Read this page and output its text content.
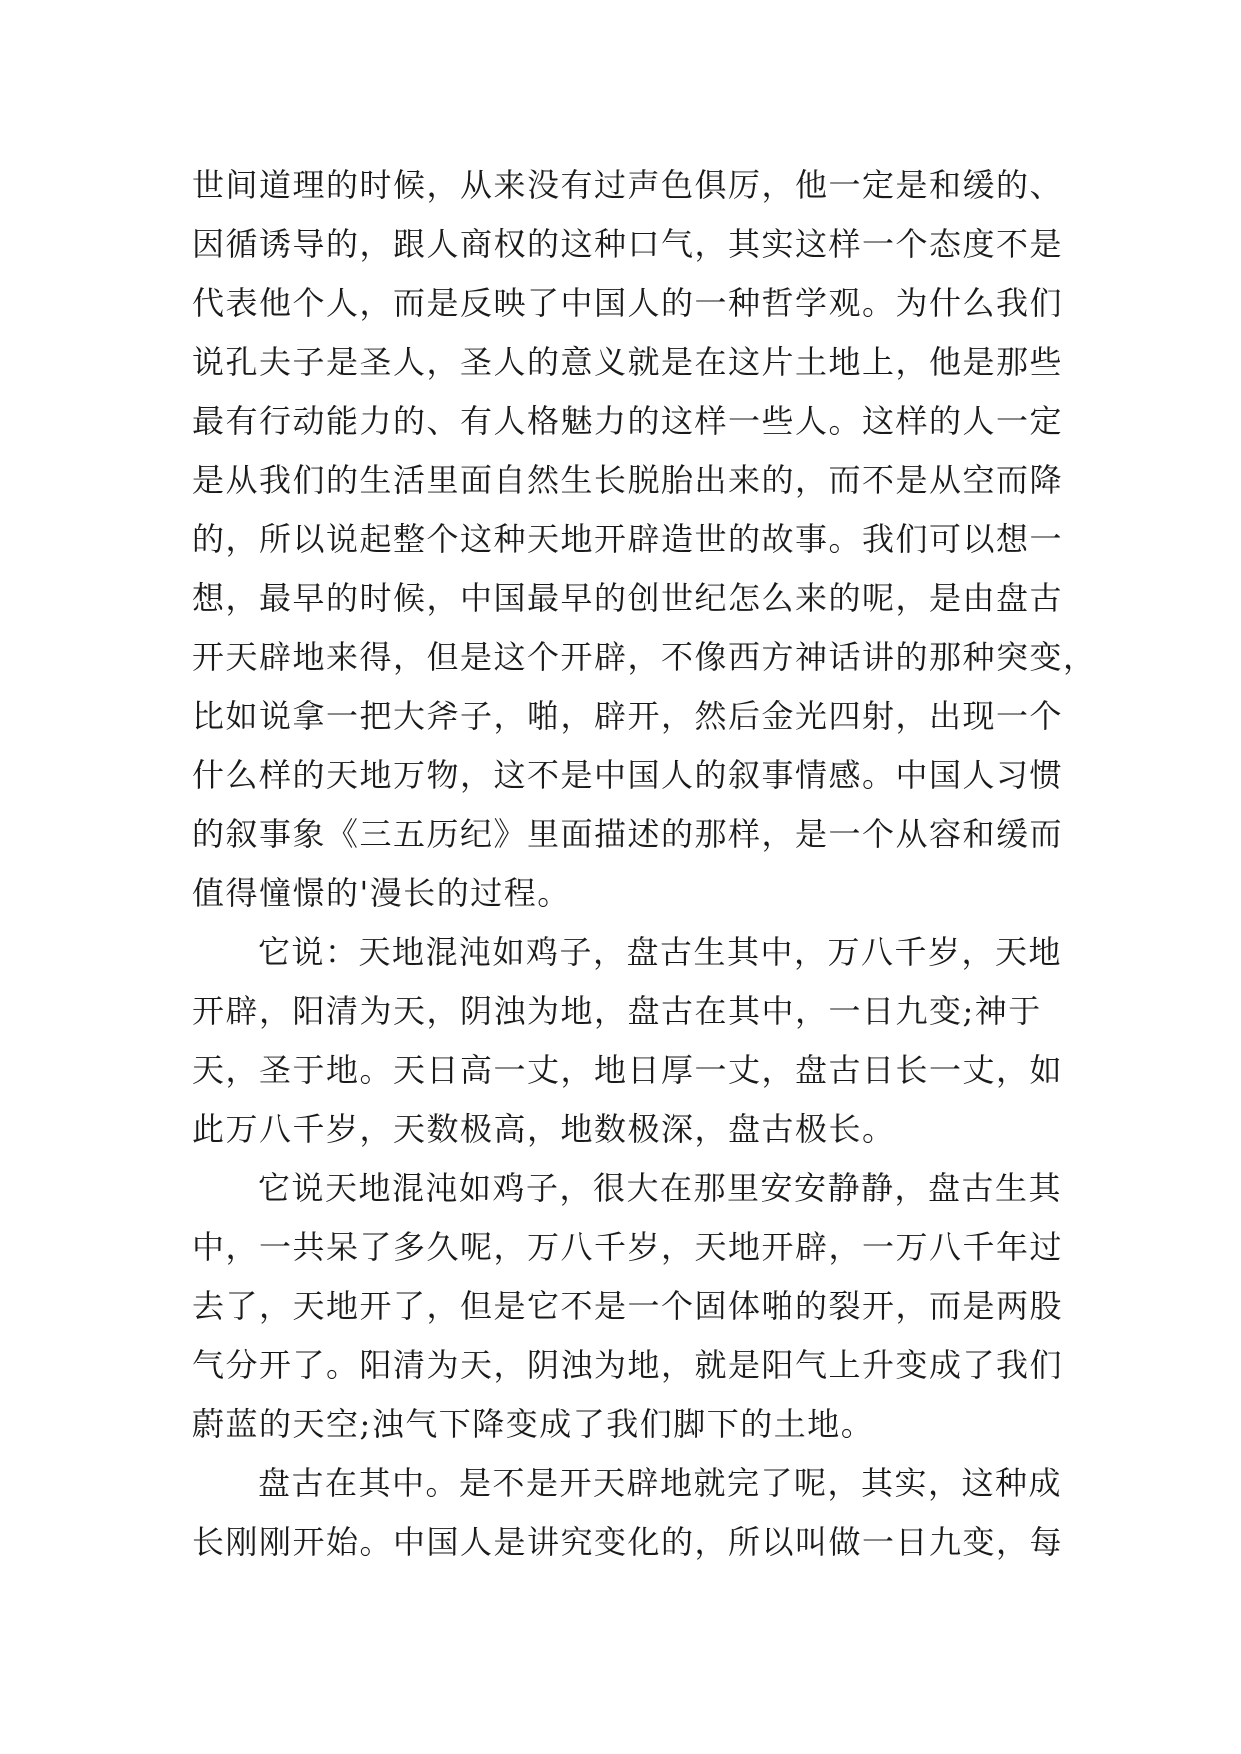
世间道理的时候，从来没有过声色俱厉，他一定是和缓的、
因循诱导的，跟人商权的这种口气，其实这样一个态度不是
代表他个人，而是反映了中国人的一种哲学观。为什么我们
说孔夫子是圣人，圣人的意义就是在这片土地上，他是那些
最有行动能力的、有人格魅力的这样一些人。这样的人一定
是从我们的生活里面自然生长脱胎出来的，而不是从空而降
的，所以说起整个这种天地开辟造世的故事。我们可以想一
想，最早的时候，中国最早的创世纪怎么来的呢，是由盘古
开天辟地来得，但是这个开辟，不像西方神话讲的那种突变，
比如说拿一把大斧子，啪，辟开，然后金光四射，出现一个
什么样的天地万物，这不是中国人的叙事情感。中国人习惯
的叙事象《三五历纪》里面描述的那样，是一个从容和缓而
值得憧憬的'漫长的过程。
它说：天地混沌如鸡子，盘古生其中，万八千岁，天地
开辟，阳清为天，阴浊为地，盘古在其中，一日九变;神于
天，圣于地。天日高一丈，地日厚一丈，盘古日长一丈，如
此万八千岁，天数极高，地数极深，盘古极长。
它说天地混沌如鸡子，很大在那里安安静静，盘古生其
中，一共呆了多久呢，万八千岁，天地开辟，一万八千年过
去了，天地开了，但是它不是一个固体啪的裂开，而是两股
气分开了。阳清为天，阴浊为地，就是阳气上升变成了我们
蔚蓝的天空;浊气下降变成了我们脚下的土地。
盘古在其中。是不是开天辟地就完了呢，其实，这种成
长刚刚开始。中国人是讲究变化的，所以叫做一日九变，每
